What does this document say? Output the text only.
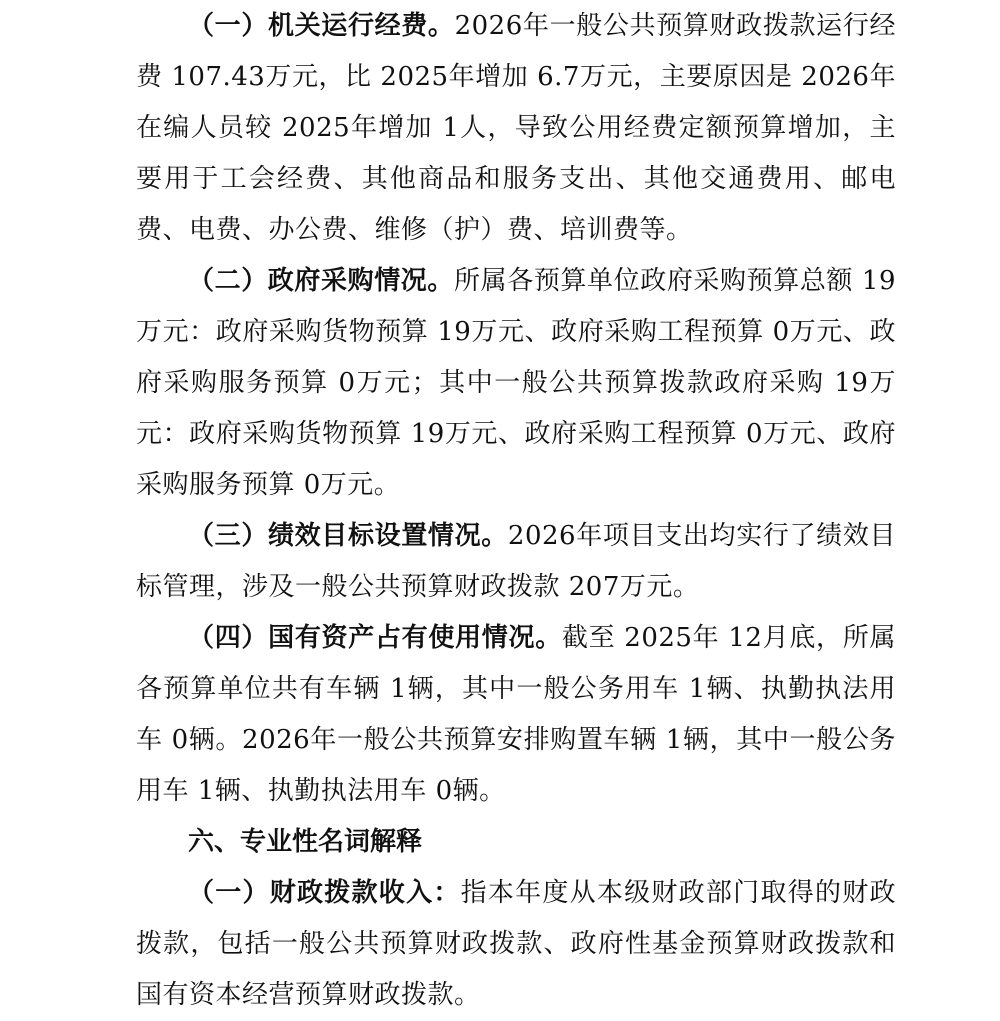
（一）机关运行经费。2026年一般公共预算财政拨款运行经费 107.43万元，比 2025年增加 6.7万元，主要原因是 2026年在编人员较 2025年增加 1人，导致公用经费定额预算增加，主要用于工会经费、其他商品和服务支出、其他交通费用、邮电费、电费、办公费、维修（护）费、培训费等。

（二）政府采购情况。所属各预算单位政府采购预算总额 19万元：政府采购货物预算 19万元、政府采购工程预算 0万元、政府采购服务预算 0万元；其中一般公共预算拨款政府采购 19万元：政府采购货物预算 19万元、政府采购工程预算 0万元、政府采购服务预算 0万元。

（三）绩效目标设置情况。2026年项目支出均实行了绩效目标管理，涉及一般公共预算财政拨款 207万元。

（四）国有资产占有使用情况。截至 2025年 12月底，所属各预算单位共有车辆 1辆，其中一般公务用车 1辆、执勤执法用车 0辆。2026年一般公共预算安排购置车辆 1辆，其中一般公务用车 1辆、执勤执法用车 0辆。

六、专业性名词解释

（一）财政拨款收入：指本年度从本级财政部门取得的财政拨款，包括一般公共预算财政拨款、政府性基金预算财政拨款和国有资本经营预算财政拨款。
